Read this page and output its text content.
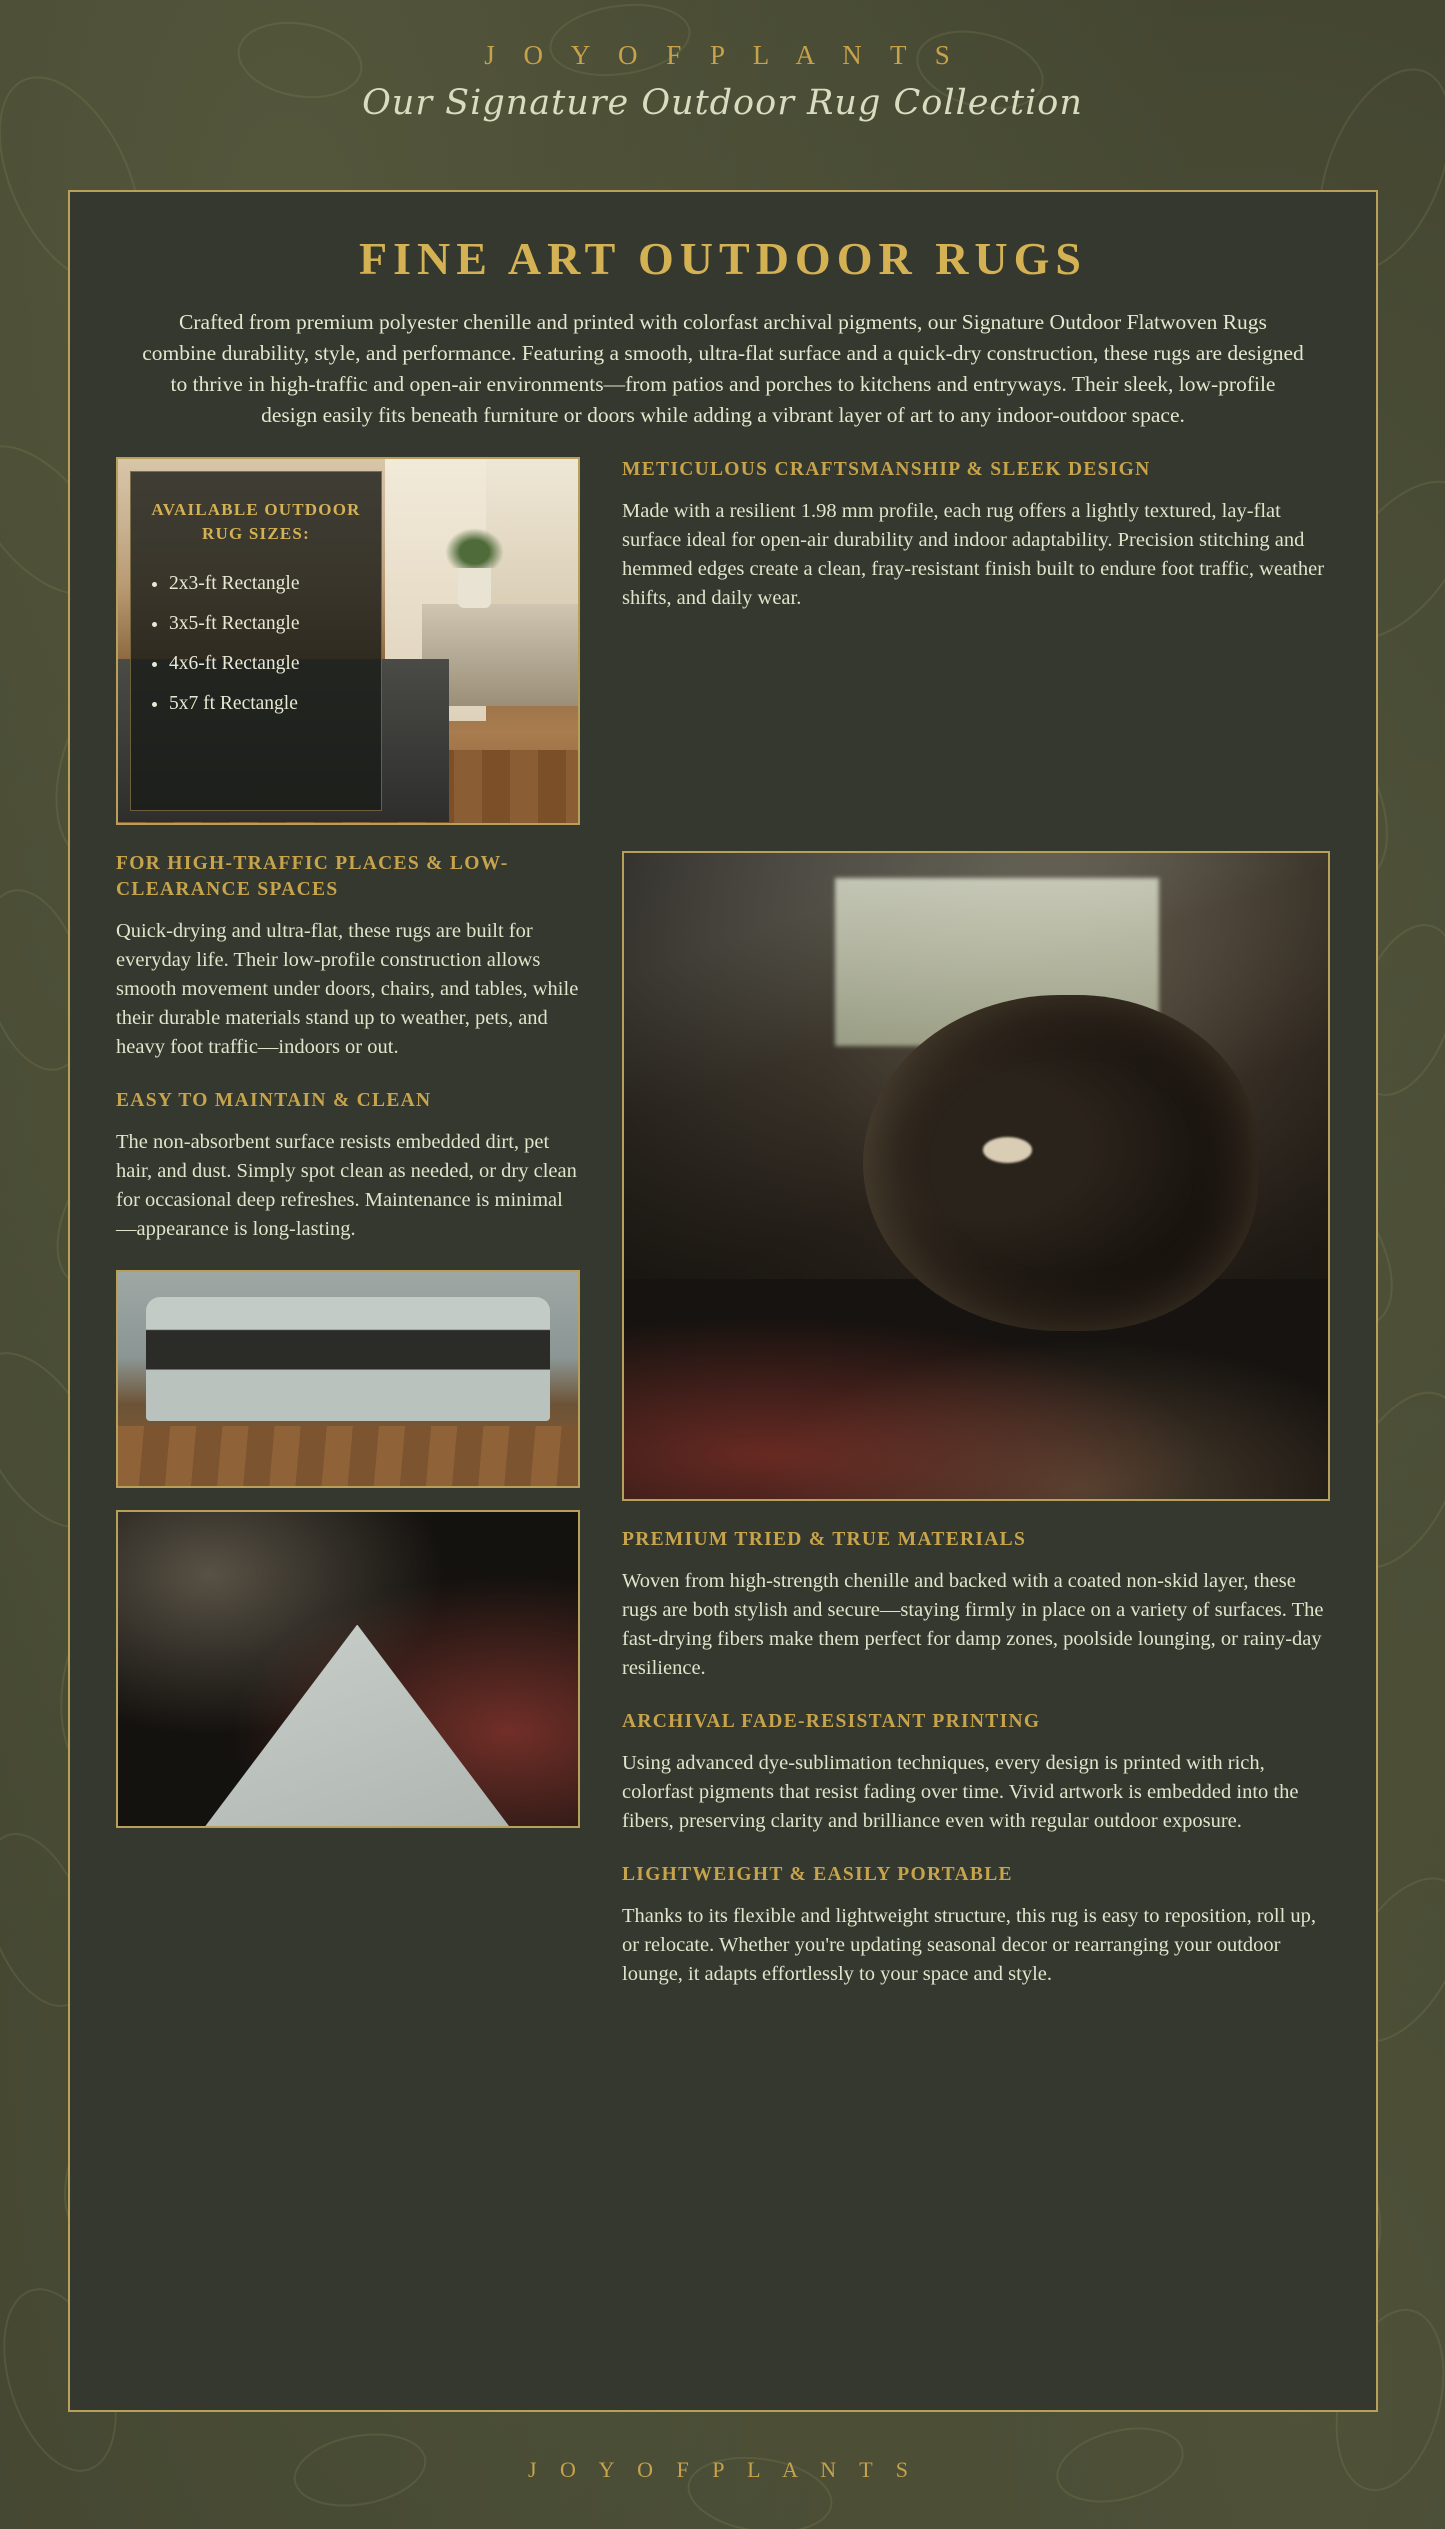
J O Y O F P L A N T S
Our Signature Outdoor Rug Collection
FINE ART OUTDOOR RUGS

Crafted from premium polyester chenille and printed with colorfast archival pigments, our Signature Outdoor Flatwoven Rugs combine durability, style, and performance. Featuring a smooth, ultra-flat surface and a quick-dry construction, these rugs are designed to thrive in high-traffic and open-air environments—from patios and porches to kitchens and entryways. Their sleek, low-profile design easily fits beneath furniture or doors while adding a vibrant layer of art to any indoor-outdoor space.

AVAILABLE OUTDOOR RUG SIZES:
• 2x3-ft Rectangle
• 3x5-ft Rectangle
• 4x6-ft Rectangle
• 5x7 ft Rectangle
METICULOUS CRAFTSMANSHIP & SLEEK DESIGN

Made with a resilient 1.98 mm profile, each rug offers a lightly textured, lay-flat surface ideal for open-air durability and indoor adaptability. Precision stitching and hemmed edges create a clean, fray-resistant finish built to endure foot traffic, weather shifts, and daily wear.

FOR HIGH-TRAFFIC PLACES & LOW-CLEARANCE SPACES

Quick-drying and ultra-flat, these rugs are built for everyday life. Their low-profile construction allows smooth movement under doors, chairs, and tables, while their durable materials stand up to weather, pets, and heavy foot traffic—indoors or out.

EASY TO MAINTAIN & CLEAN

The non-absorbent surface resists embedded dirt, pet hair, and dust. Simply spot clean as needed, or dry clean for occasional deep refreshes. Maintenance is minimal—appearance is long-lasting.

PREMIUM TRIED & TRUE MATERIALS

Woven from high-strength chenille and backed with a coated non-skid layer, these rugs are both stylish and secure—staying firmly in place on a variety of surfaces. The fast-drying fibers make them perfect for damp zones, poolside lounging, or rainy-day resilience.

ARCHIVAL FADE-RESISTANT PRINTING

Using advanced dye-sublimation techniques, every design is printed with rich, colorfast pigments that resist fading over time. Vivid artwork is embedded into the fibers, preserving clarity and brilliance even with regular outdoor exposure.

LIGHTWEIGHT & EASILY PORTABLE

Thanks to its flexible and lightweight structure, this rug is easy to reposition, roll up, or relocate. Whether you're updating seasonal decor or rearranging your outdoor lounge, it adapts effortlessly to your space and style.

J O Y O F P L A N T S
